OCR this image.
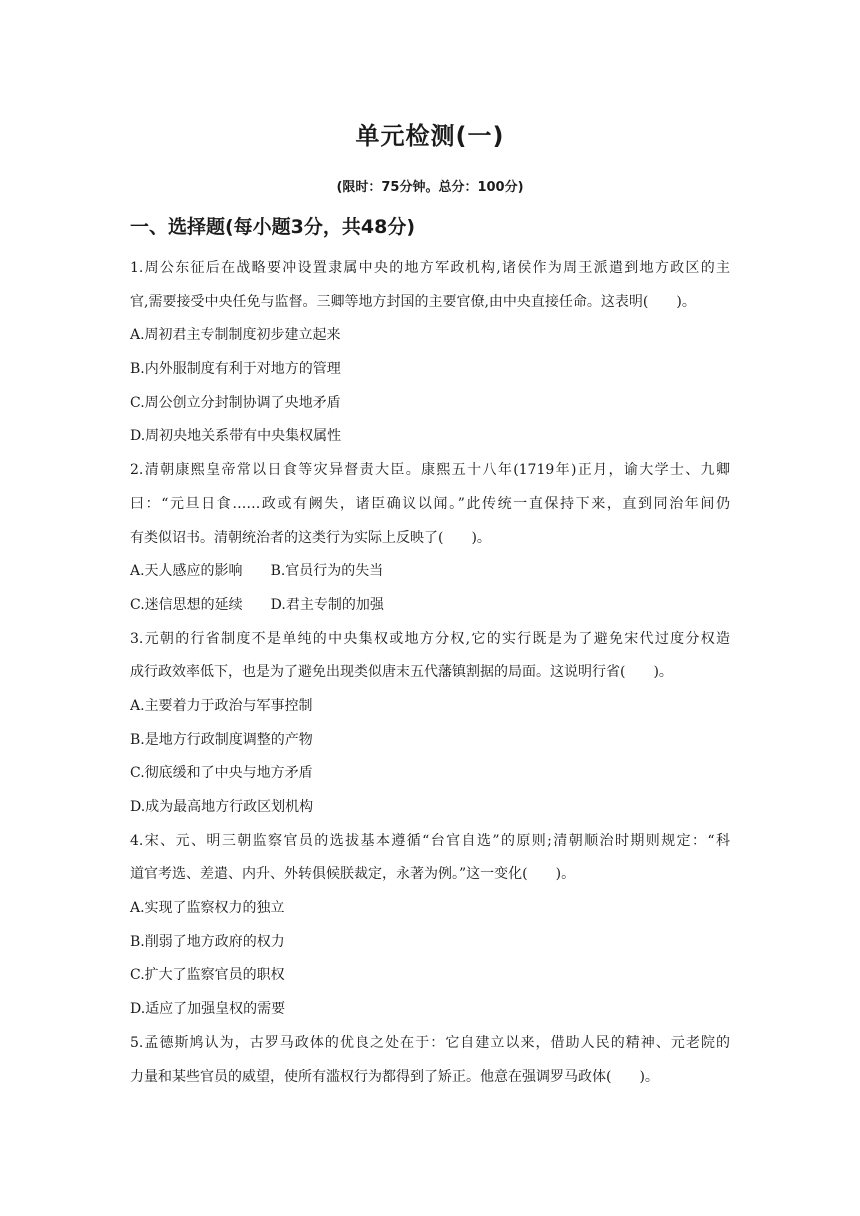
单元检测(一)
(限时：75分钟。总分：100分)
一、选择题(每小题3分，共48分)
1.周公东征后在战略要冲设置隶属中央的地方军政机构,诸侯作为周王派遣到地方政区的主
官,需要接受中央任免与监督。三卿等地方封国的主要官僚,由中央直接任命。这表明(　　)。
A.周初君主专制制度初步建立起来
B.内外服制度有利于对地方的管理
C.周公创立分封制协调了央地矛盾
D.周初央地关系带有中央集权属性
2.清朝康熙皇帝常以日食等灾异督责大臣。康熙五十八年(1719年)正月，谕大学士、九卿
曰：“元旦日食……政或有阙失，诸臣确议以闻。”此传统一直保持下来，直到同治年间仍
有类似诏书。清朝统治者的这类行为实际上反映了(　　)。
A.天人感应的影响 B.官员行为的失当
C.迷信思想的延续 D.君主专制的加强
3.元朝的行省制度不是单纯的中央集权或地方分权,它的实行既是为了避免宋代过度分权造
成行政效率低下，也是为了避免出现类似唐末五代藩镇割据的局面。这说明行省(　　)。
A.主要着力于政治与军事控制
B.是地方行政制度调整的产物
C.彻底缓和了中央与地方矛盾
D.成为最高地方行政区划机构
4.宋、元、明三朝监察官员的选拔基本遵循“台官自选”的原则;清朝顺治时期则规定：“科
道官考选、差遣、内升、外转俱候朕裁定，永著为例。”这一变化(　　)。
A.实现了监察权力的独立
B.削弱了地方政府的权力
C.扩大了监察官员的职权
D.适应了加强皇权的需要
5.孟德斯鸠认为，古罗马政体的优良之处在于：它自建立以来，借助人民的精神、元老院的
力量和某些官员的威望，使所有滥权行为都得到了矫正。他意在强调罗马政体(　　)。
